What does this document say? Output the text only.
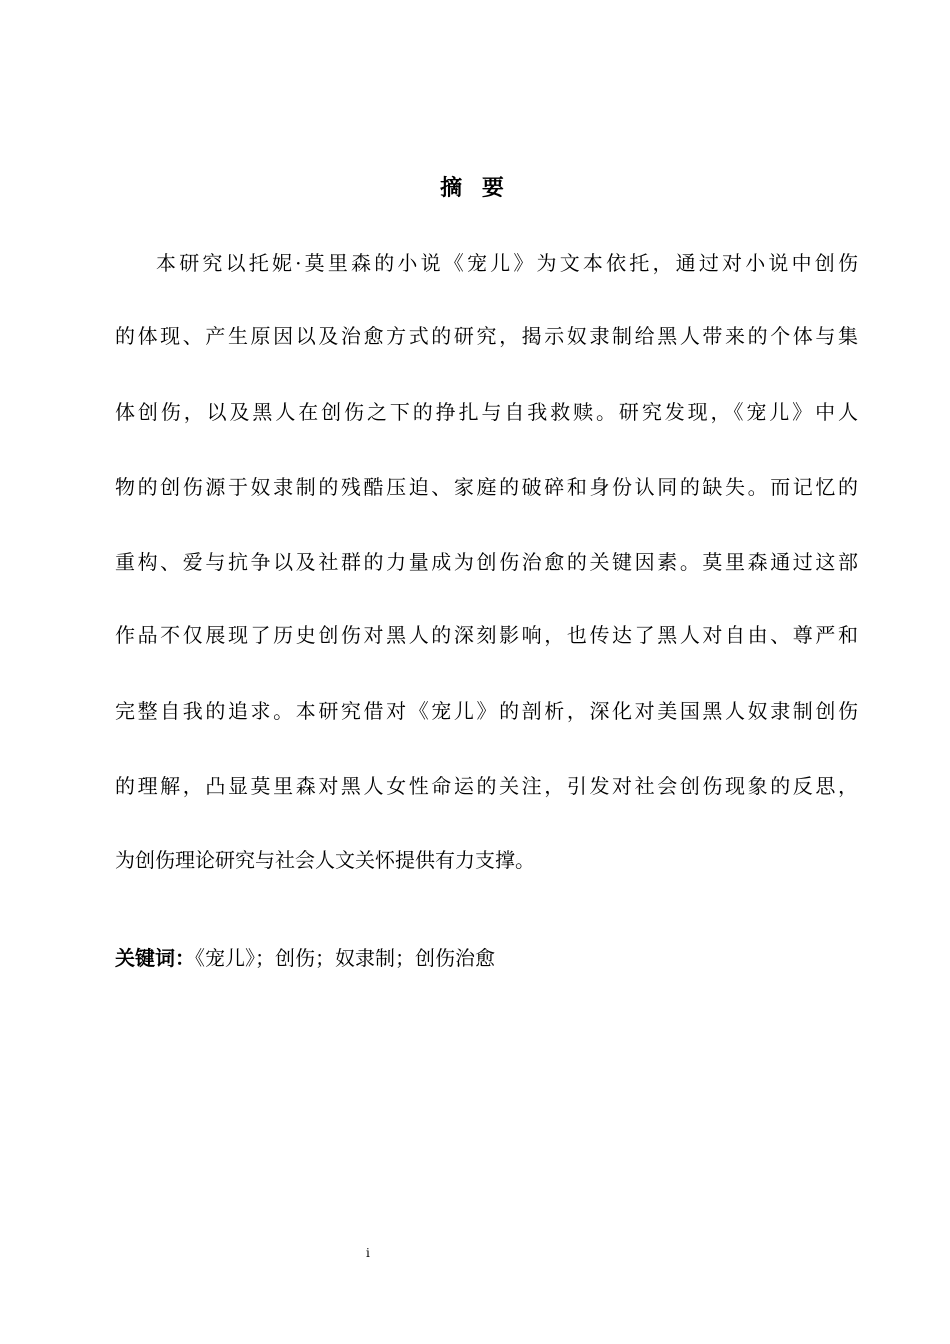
摘 要
本研究以托妮·莫里森的小说《宠儿》为文本依托，通过对小说中创伤
的体现、产生原因以及治愈方式的研究，揭示奴隶制给黑人带来的个体与集
体创伤，以及黑人在创伤之下的挣扎与自我救赎。研究发现，《宠儿》中人
物的创伤源于奴隶制的残酷压迫、家庭的破碎和身份认同的缺失。而记忆的
重构、爱与抗争以及社群的力量成为创伤治愈的关键因素。莫里森通过这部
作品不仅展现了历史创伤对黑人的深刻影响，也传达了黑人对自由、尊严和
完整自我的追求。本研究借对《宠儿》的剖析，深化对美国黑人奴隶制创伤
的理解，凸显莫里森对黑人女性命运的关注，引发对社会创伤现象的反思，
为创伤理论研究与社会人文关怀提供有力支撑。
关键词：《宠儿》；创伤；奴隶制；创伤治愈
i
